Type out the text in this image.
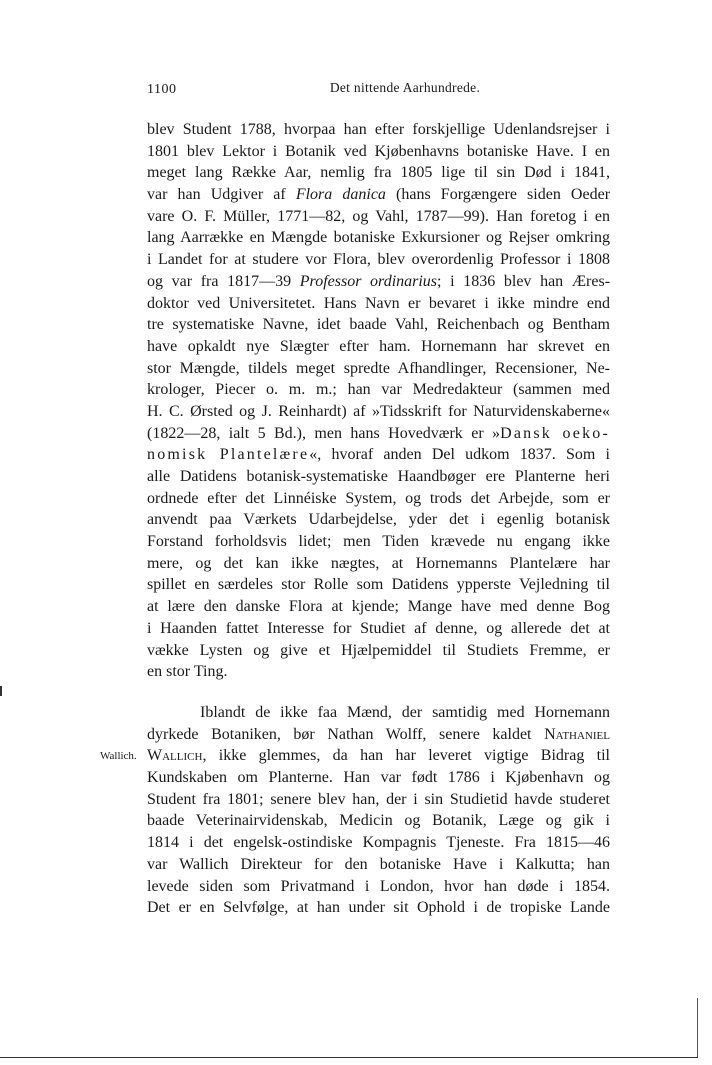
1100	Det nittende Aarhundrede.
blev Student 1788, hvorpaa han efter forskjellige Udenlandsrejser i
1801 blev Lektor i Botanik ved Kjøbenhavns botaniske Have. I en
meget lang Række Aar, nemlig fra 1805 lige til sin Død i 1841,
var han Udgiver af Flora danica (hans Forgængere siden Oeder
vare O. F. Müller, 1771—82, og Vahl, 1787—99). Han foretog i en
lang Aarrække en Mængde botaniske Exkursioner og Rejser omkring
i Landet for at studere vor Flora, blev overordenlig Professor i 1808
og var fra 1817—39 Professor ordinarius; i 1836 blev han Æres-
doktor ved Universitetet. Hans Navn er bevaret i ikke mindre end
tre systematiske Navne, idet baade Vahl, Reichenbach og Bentham
have opkaldt nye Slægter efter ham. Hornemann har skrevet en
stor Mængde, tildels meget spredte Afhandlinger, Recensioner, Ne-
krologer, Piecer o. m. m.; han var Medredakteur (sammen med
H. C. Ørsted og J. Reinhardt) af »Tidsskrift for Naturvidenskaberne«
(1822—28, ialt 5 Bd.), men hans Hovedværk er »Dansk oeko-
nomisk Plantelære«, hvoraf anden Del udkom 1837. Som i
alle Datidens botanisk-systematiske Haandbøger ere Planterne heri
ordnede efter det Linnéiske System, og trods det Arbejde, som er
anvendt paa Værkets Udarbejdelse, yder det i egenlig botanisk
Forstand forholdsvis lidet; men Tiden krævede nu engang ikke
mere, og det kan ikke nægtes, at Hornemanns Plantelære har
spillet en særdeles stor Rolle som Datidens ypperste Vejledning til
at lære den danske Flora at kjende; Mange have med denne Bog
i Haanden fattet Interesse for Studiet af denne, og allerede det at
vække Lysten og give et Hjælpemiddel til Studiets Fremme, er
en stor Ting.
Wallich.
Iblandt de ikke faa Mænd, der samtidig med Hornemann
dyrkede Botaniken, bør Nathan Wolff, senere kaldet Nathaniel
Wallich, ikke glemmes, da han har leveret vigtige Bidrag til
Kundskaben om Planterne. Han var født 1786 i Kjøbenhavn og
Student fra 1801; senere blev han, der i sin Studietid havde studeret
baade Veterinairvidenskab, Medicin og Botanik, Læge og gik i
1814 i det engelsk-ostindiske Kompagnis Tjeneste. Fra 1815—46
var Wallich Direkteur for den botaniske Have i Kalkutta; han
levede siden som Privatmand i London, hvor han døde i 1854.
Det er en Selvfølge, at han under sit Ophold i de tropiske Lande
